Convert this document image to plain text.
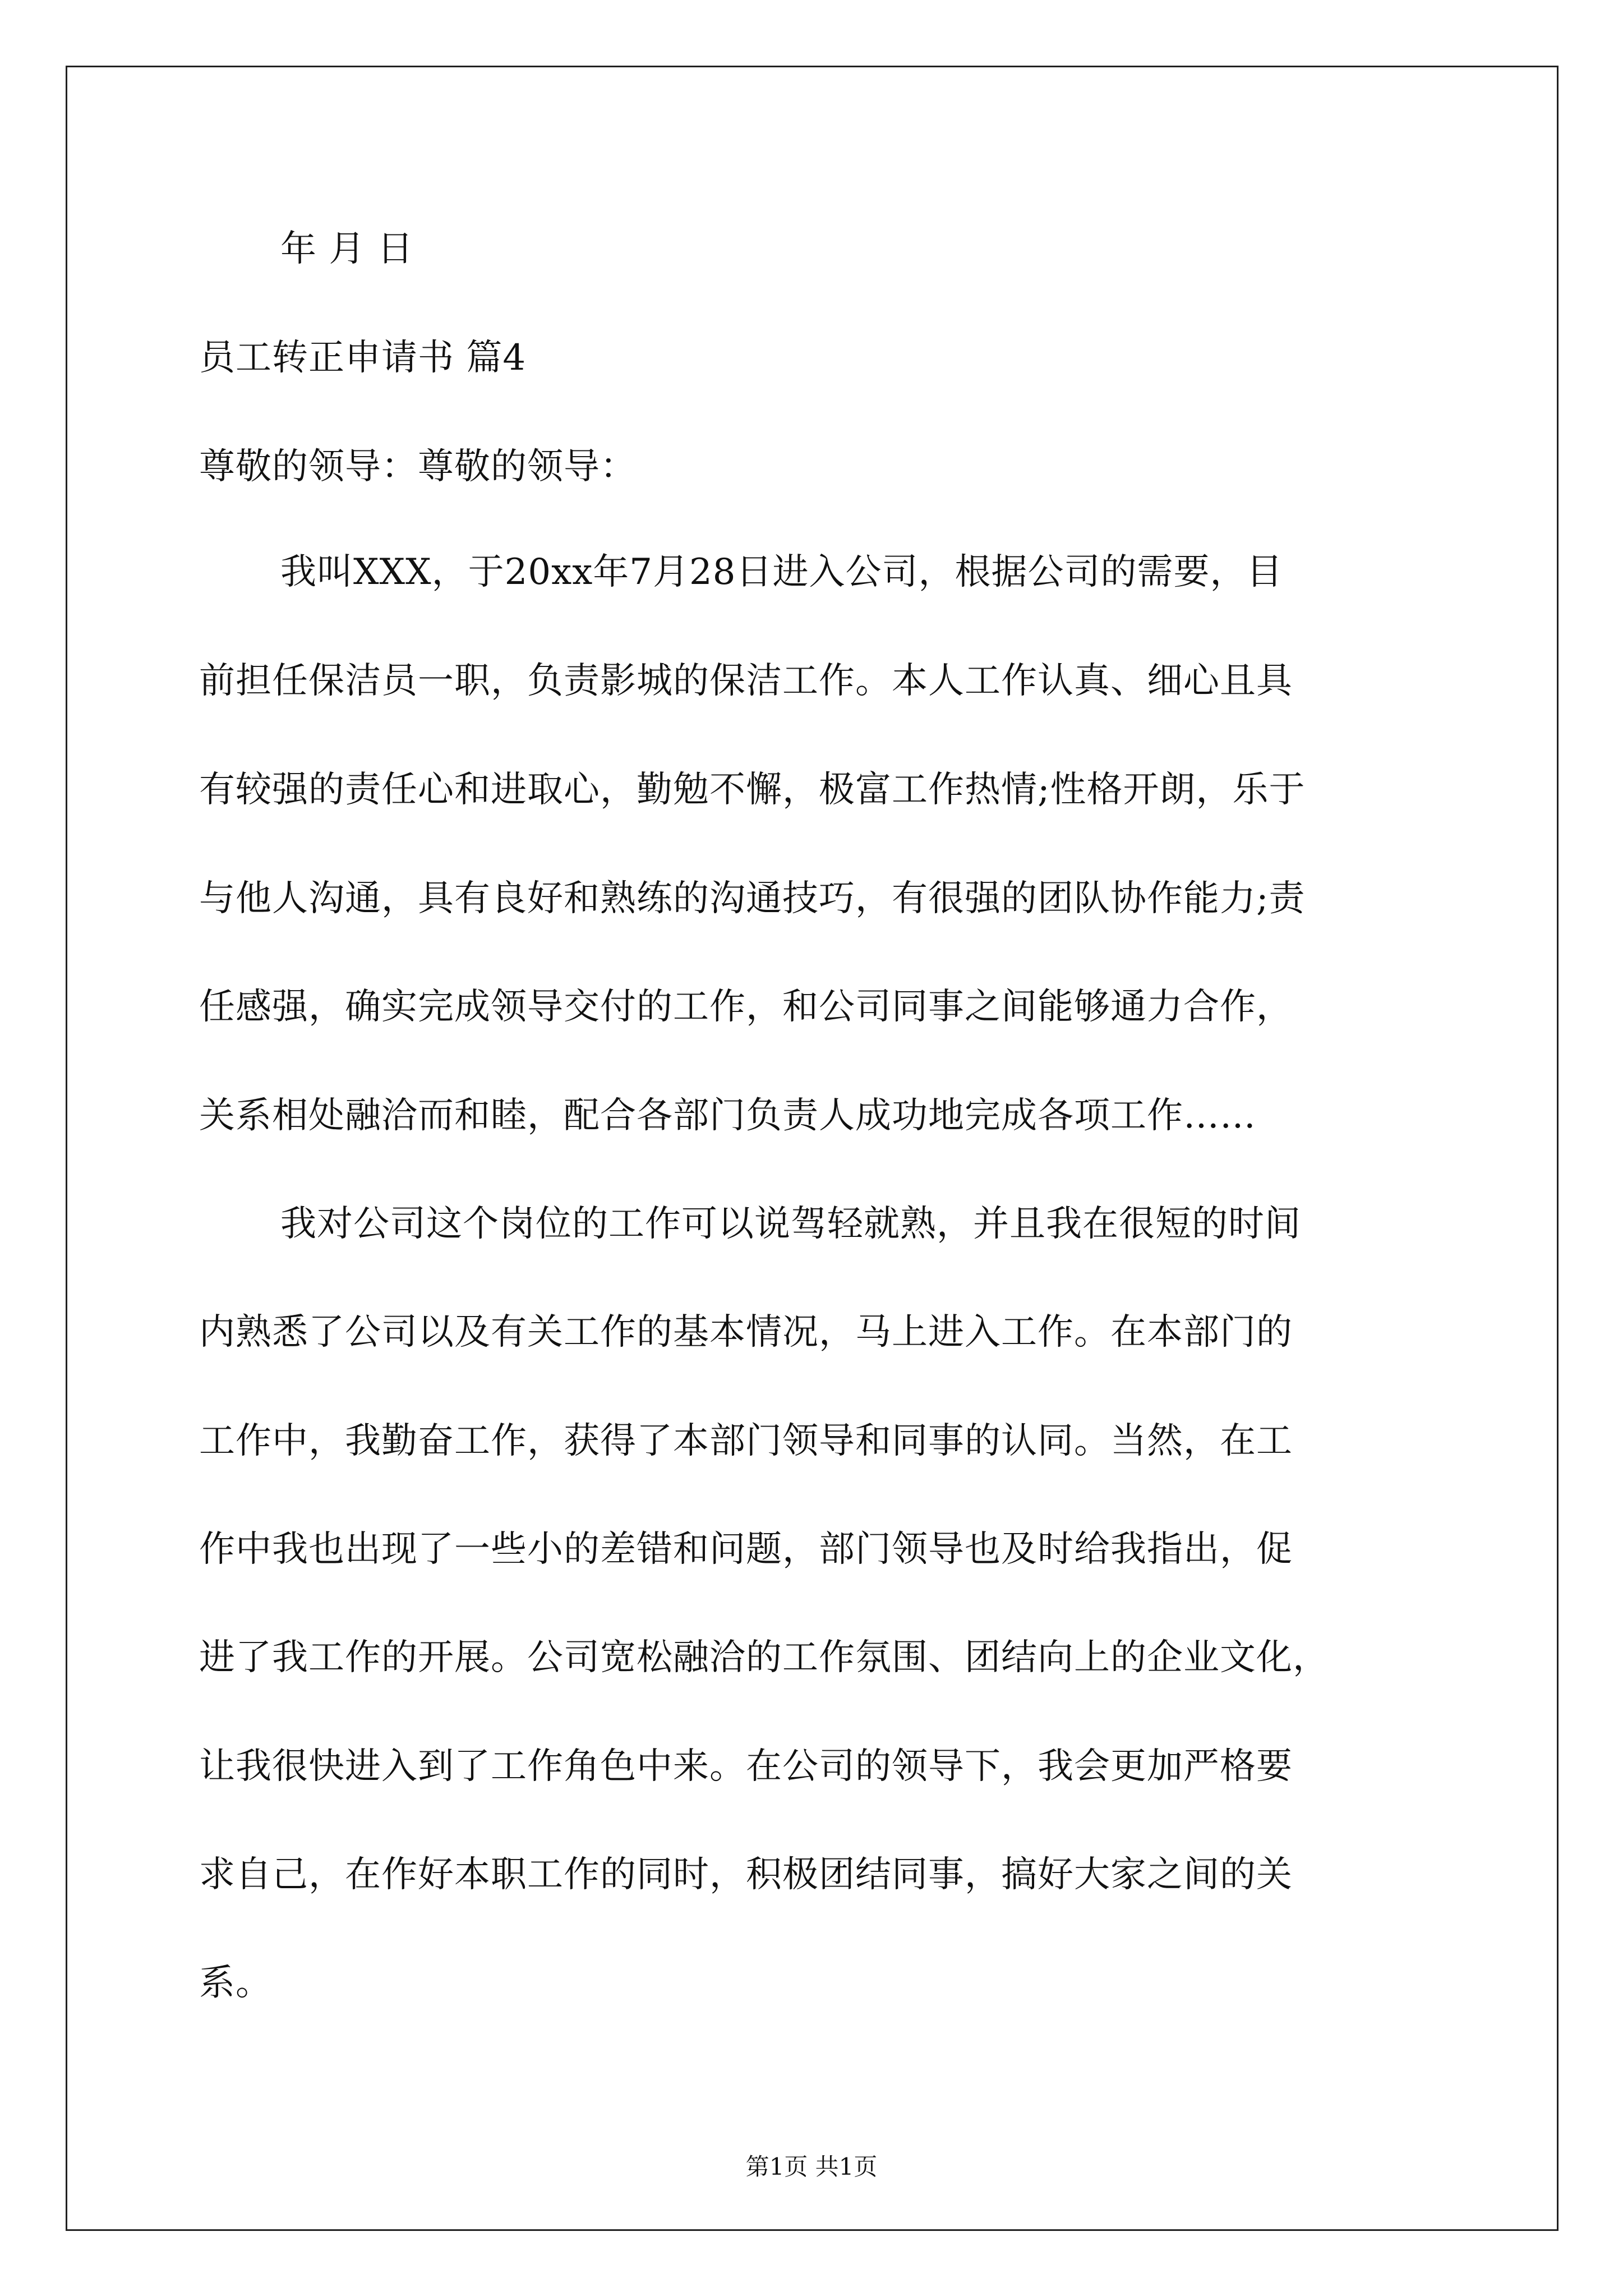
年 月 日
员工转正申请书 篇4
尊敬的领导：尊敬的领导：
我叫XXX，于20xx年7月28日进入公司，根据公司的需要，目
前担任保洁员一职，负责影城的保洁工作。本人工作认真、细心且具
有较强的责任心和进取心，勤勉不懈，极富工作热情;性格开朗，乐于
与他人沟通，具有良好和熟练的沟通技巧，有很强的团队协作能力;责
任感强，确实完成领导交付的工作，和公司同事之间能够通力合作，
关系相处融洽而和睦，配合各部门负责人成功地完成各项工作……
我对公司这个岗位的工作可以说驾轻就熟，并且我在很短的时间
内熟悉了公司以及有关工作的基本情况，马上进入工作。在本部门的
工作中，我勤奋工作，获得了本部门领导和同事的认同。当然，在工
作中我也出现了一些小的差错和问题，部门领导也及时给我指出，促
进了我工作的开展。公司宽松融洽的工作氛围、团结向上的企业文化，
让我很快进入到了工作角色中来。在公司的领导下，我会更加严格要
求自己，在作好本职工作的同时，积极团结同事，搞好大家之间的关
系。
第1页 共1页
